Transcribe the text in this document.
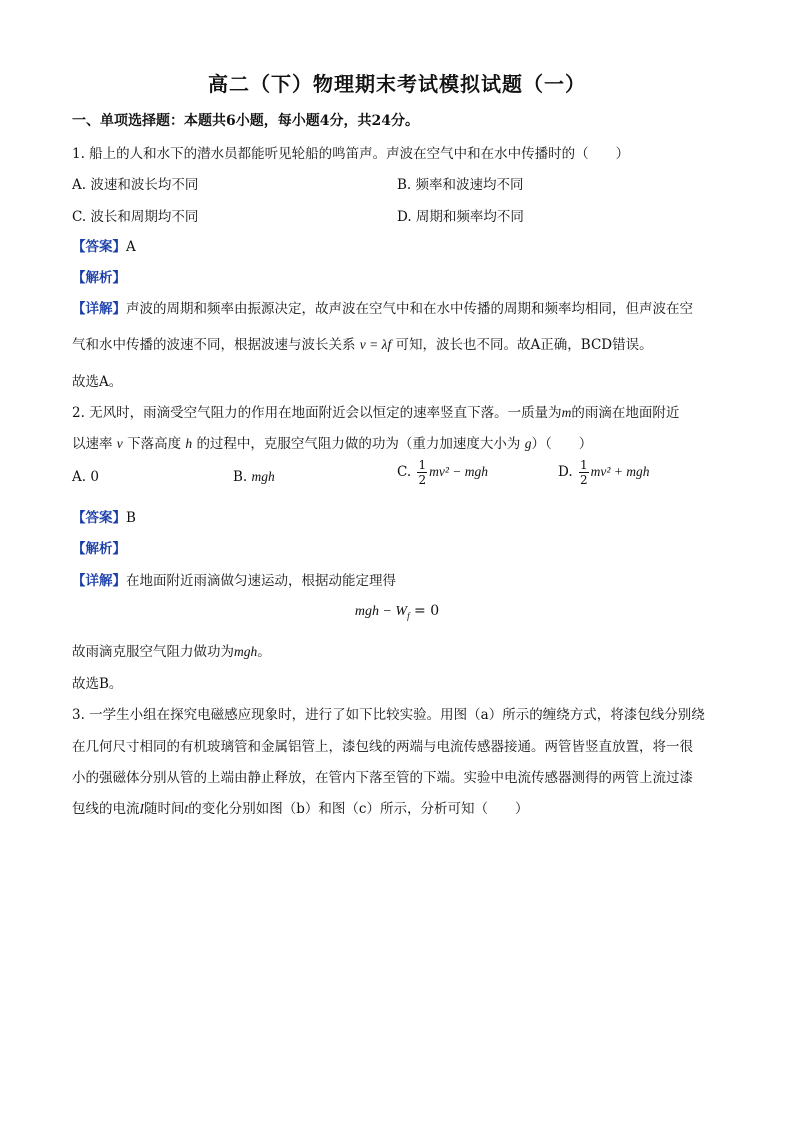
高二（下）物理期末考试模拟试题（一）
一、单项选择题：本题共6小题，每小题4分，共24分。
1. 船上的人和水下的潜水员都能听见轮船的鸣笛声。声波在空气中和在水中传播时的（　　）
A. 波速和波长均不同	B. 频率和波速均不同
C. 波长和周期均不同	D. 周期和频率均不同
【答案】A
【解析】
【详解】声波的周期和频率由振源决定，故声波在空气中和在水中传播的周期和频率均相同，但声波在空
气和水中传播的波速不同，根据波速与波长关系 v = λf 可知，波长也不同。故A正确，BCD错误。
故选A。
2. 无风时，雨滴受空气阻力的作用在地面附近会以恒定的速率竖直下落。一质量为m的雨滴在地面附近
以速率 v 下落高度 h 的过程中，克服空气阻力做的功为（重力加速度大小为 g）（　　）
A. 0	B. mgh	C. $\frac{1}{2} mv^2$ − mgh	D. $\frac{1}{2} mv^2$ + mgh
【答案】B
【解析】
【详解】在地面附近雨滴做匀速运动，根据动能定理得
mgh − $W_f = 0$
故雨滴克服空气阻力做功为mgh。
故选B。
3. 一学生小组在探究电磁感应现象时，进行了如下比较实验。用图（a）所示的缠绕方式，将漆包线分别绕
在几何尺寸相同的有机玻璃管和金属铝管上，漆包线的两端与电流传感器接通。两管皆竖直放置，将一很
小的强磁体分别从管的上端由静止释放，在管内下落至管的下端。实验中电流传感器测得的两管上流过漆
包线的电流I随时间t的变化分别如图（b）和图（c）所示，分析可知（　　）
